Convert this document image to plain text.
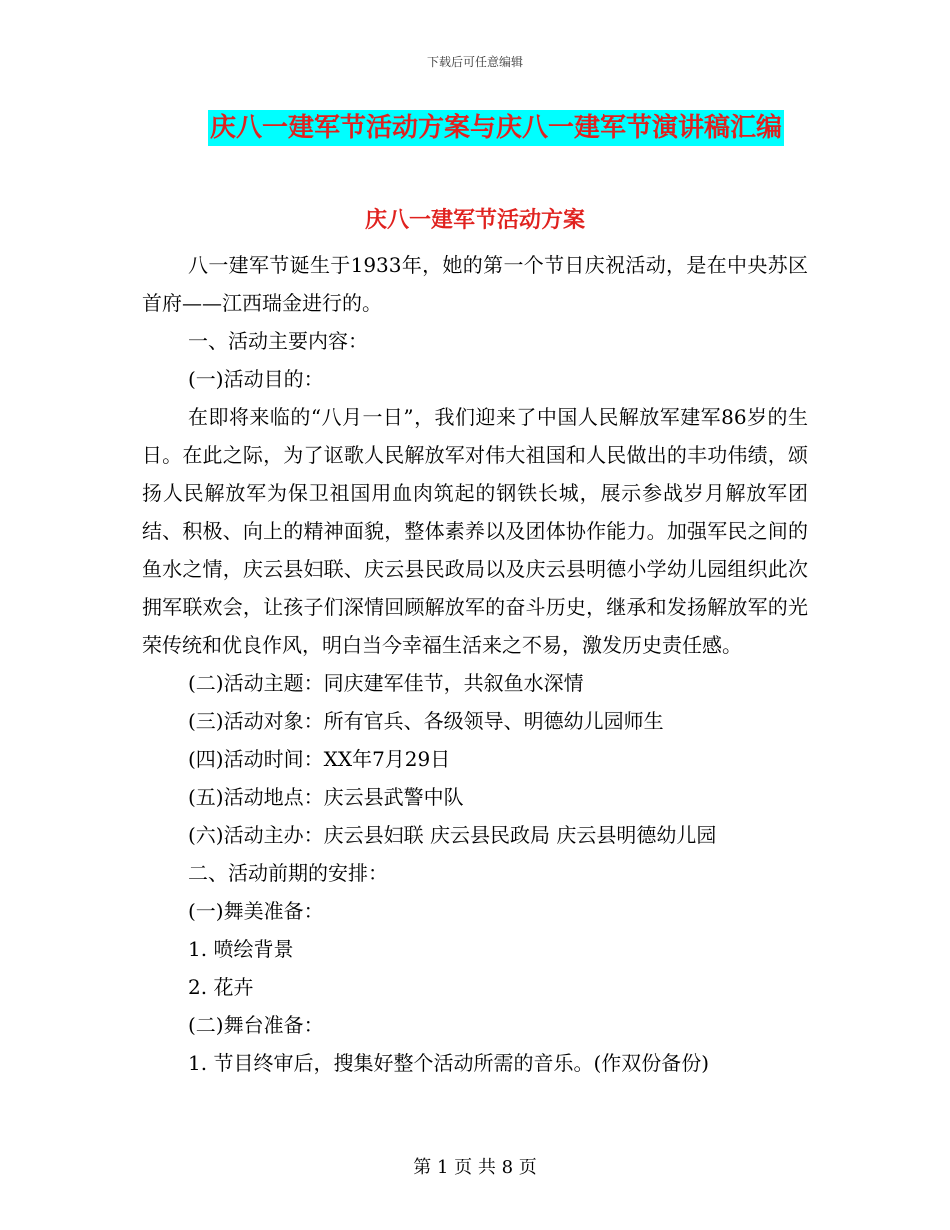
下载后可任意编辑
庆八一建军节活动方案与庆八一建军节演讲稿汇编
庆八一建军节活动方案

八一建军节诞生于1933年，她的第一个节日庆祝活动，是在中央苏区首府——江西瑞金进行的。

一、活动主要内容：

(一)活动目的：

在即将来临的“八月一日”，我们迎来了中国人民解放军建军86岁的生日。在此之际，为了讴歌人民解放军对伟大祖国和人民做出的丰功伟绩，颂扬人民解放军为保卫祖国用血肉筑起的钢铁长城，展示参战岁月解放军团结、积极、向上的精神面貌，整体素养以及团体协作能力。加强军民之间的鱼水之情，庆云县妇联、庆云县民政局以及庆云县明德小学幼儿园组织此次拥军联欢会，让孩子们深情回顾解放军的奋斗历史，继承和发扬解放军的光荣传统和优良作风，明白当今幸福生活来之不易，激发历史责任感。

(二)活动主题：同庆建军佳节，共叙鱼水深情

(三)活动对象：所有官兵、各级领导、明德幼儿园师生

(四)活动时间：XX年7月29日

(五)活动地点：庆云县武警中队

(六)活动主办：庆云县妇联 庆云县民政局 庆云县明德幼儿园

二、活动前期的安排：

(一)舞美准备：

1. 喷绘背景

2. 花卉

(二)舞台准备：

1. 节目终审后，搜集好整个活动所需的音乐。(作双份备份)

第 1 页 共 8 页
